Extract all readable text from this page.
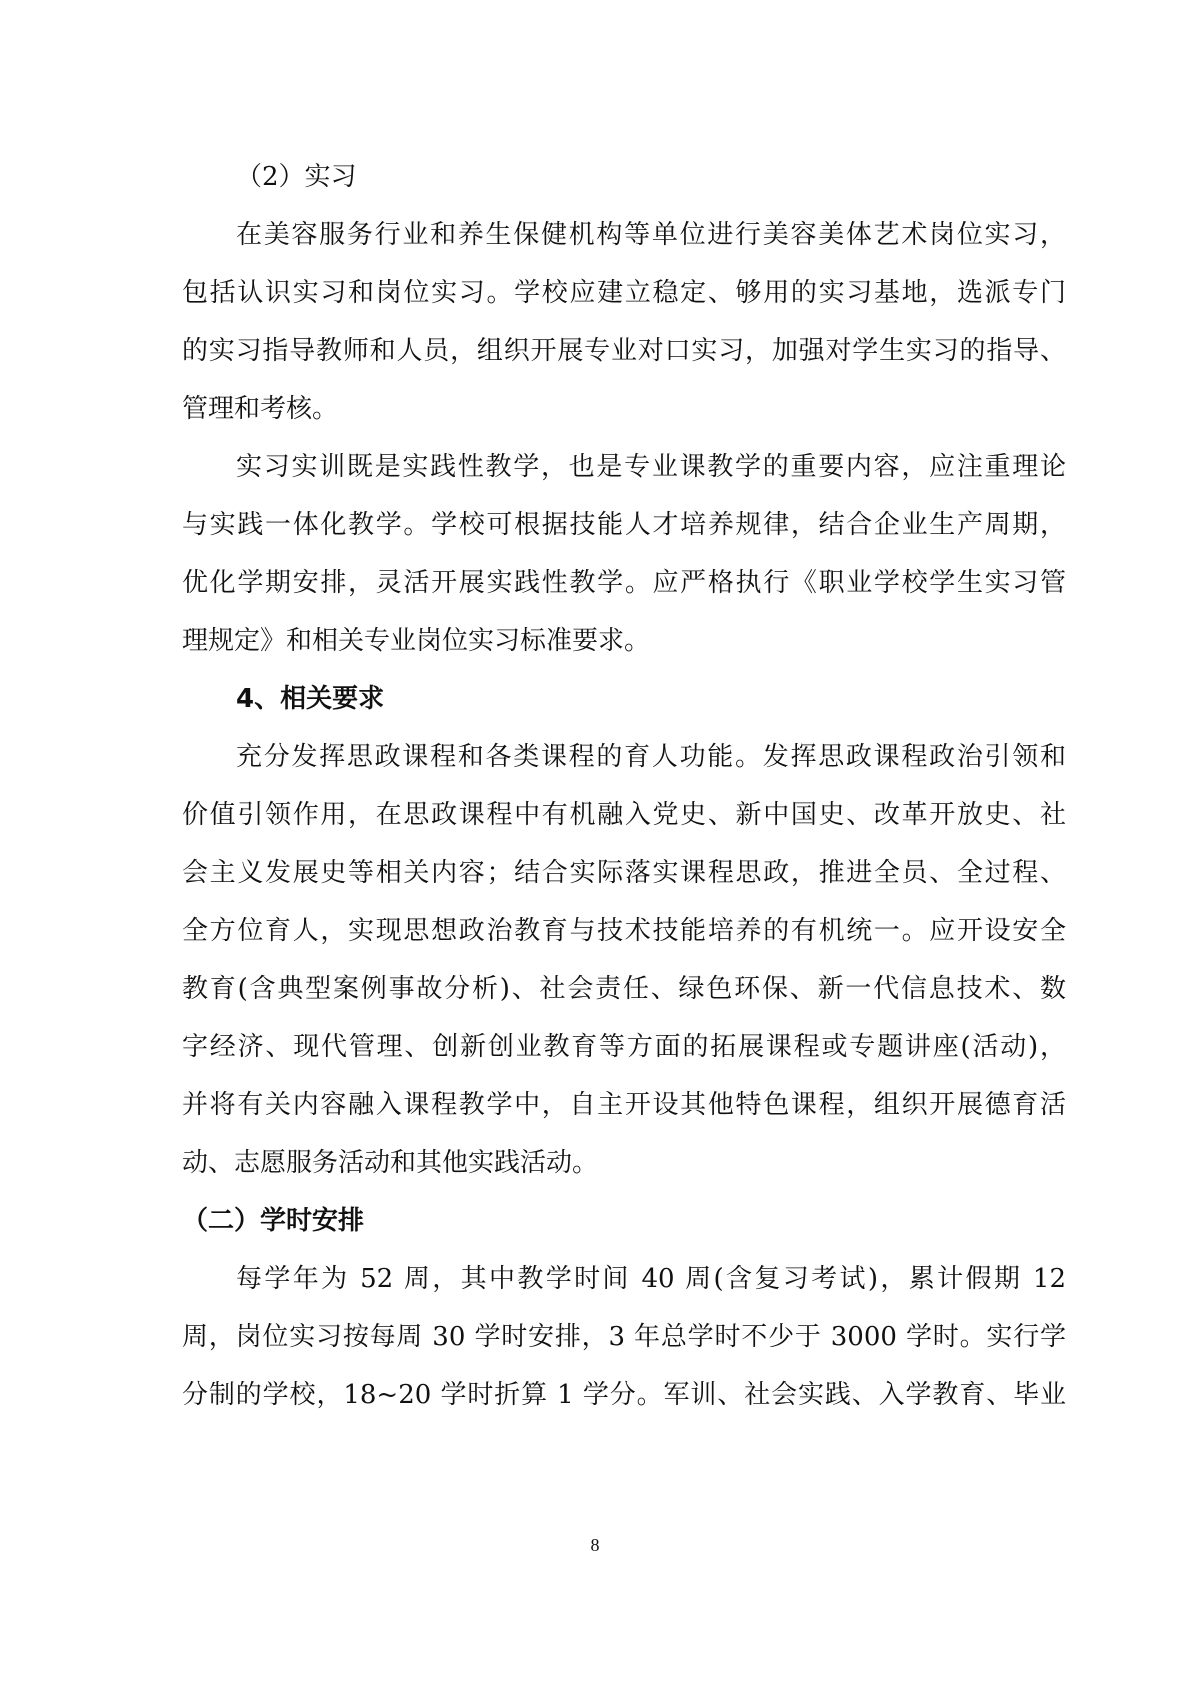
（2）实习
在美容服务行业和养生保健机构等单位进行美容美体艺术岗位实习，
包括认识实习和岗位实习。学校应建立稳定、够用的实习基地，选派专门
的实习指导教师和人员，组织开展专业对口实习，加强对学生实习的指导、
管理和考核。
实习实训既是实践性教学，也是专业课教学的重要内容，应注重理论
与实践一体化教学。学校可根据技能人才培养规律，结合企业生产周期，
优化学期安排，灵活开展实践性教学。应严格执行《职业学校学生实习管
理规定》和相关专业岗位实习标准要求。
4、相关要求
充分发挥思政课程和各类课程的育人功能。发挥思政课程政治引领和
价值引领作用，在思政课程中有机融入党史、新中国史、改革开放史、社
会主义发展史等相关内容；结合实际落实课程思政，推进全员、全过程、
全方位育人，实现思想政治教育与技术技能培养的有机统一。应开设安全
教育(含典型案例事故分析)、社会责任、绿色环保、新一代信息技术、数
字经济、现代管理、创新创业教育等方面的拓展课程或专题讲座(活动)，
并将有关内容融入课程教学中，自主开设其他特色课程，组织开展德育活
动、志愿服务活动和其他实践活动。
（二）学时安排
每学年为 52 周，其中教学时间 40 周(含复习考试)，累计假期 12
周，岗位实习按每周 30 学时安排，3 年总学时不少于 3000 学时。实行学
分制的学校，18~20 学时折算 1 学分。军训、社会实践、入学教育、毕业
8
